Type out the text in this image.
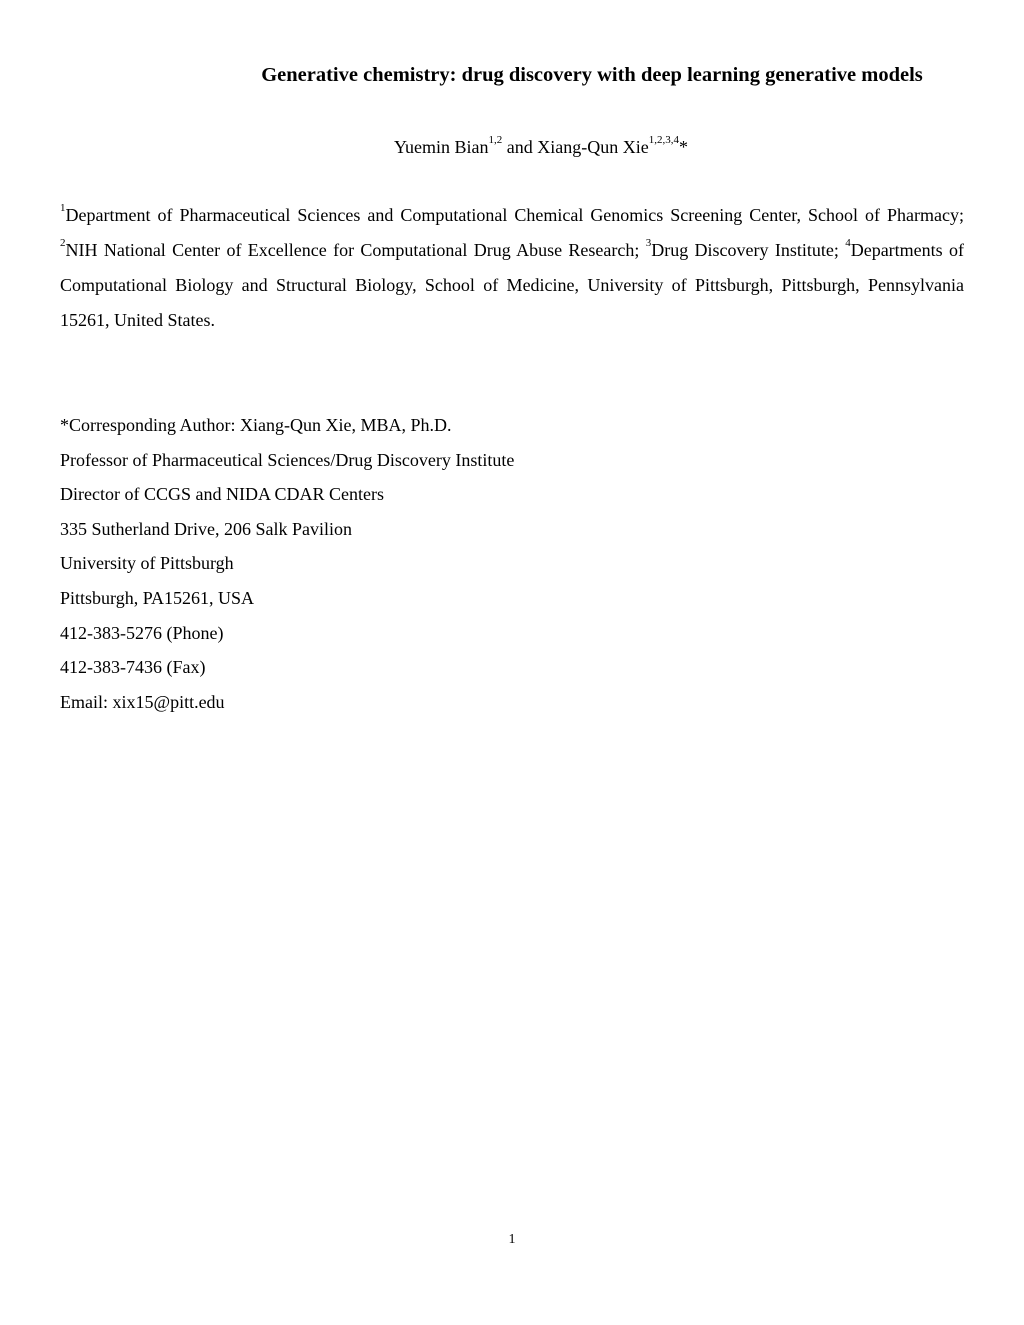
Generative chemistry: drug discovery with deep learning generative models

Yuemin Bian$^{1,2}$ and Xiang-Qun Xie$^{1,2,3,4}$*

$^1$Department of Pharmaceutical Sciences and Computational Chemical Genomics Screening Center, School of Pharmacy; $^2$NIH National Center of Excellence for Computational Drug Abuse Research; $^3$Drug Discovery Institute; $^4$Departments of Computational Biology and Structural Biology, School of Medicine, University of Pittsburgh, Pittsburgh, Pennsylvania 15261, United States.

*Corresponding Author: Xiang-Qun Xie, MBA, Ph.D.
Professor of Pharmaceutical Sciences/Drug Discovery Institute
Director of CCGS and NIDA CDAR Centers
335 Sutherland Drive, 206 Salk Pavilion
University of Pittsburgh
Pittsburgh, PA15261, USA
412-383-5276 (Phone)
412-383-7436 (Fax)
Email: xix15@pitt.edu
1
